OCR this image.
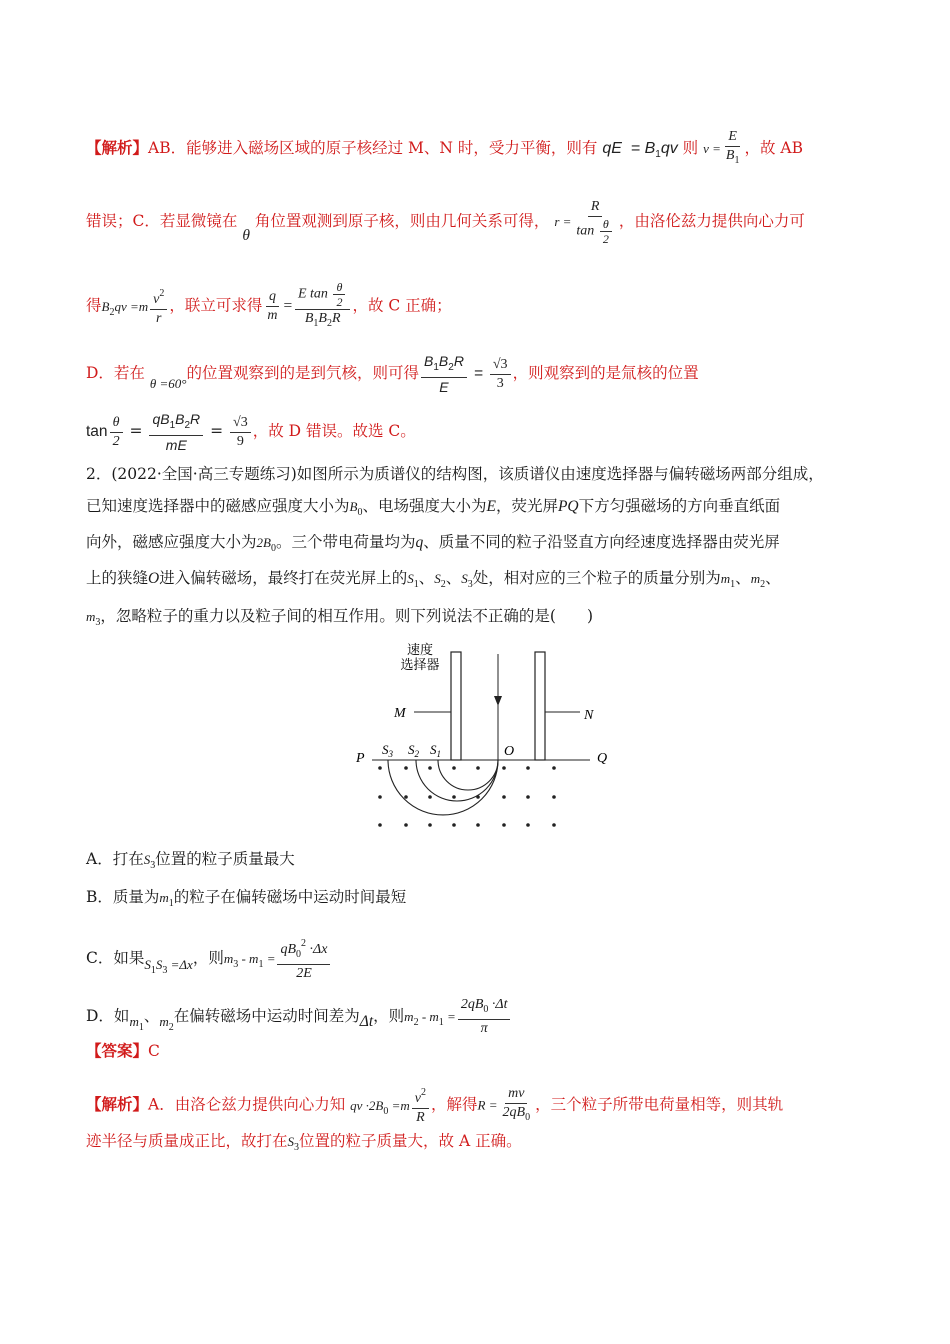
【解析】AB．能够进入磁场区域的原子核经过 M、N 时，受力平衡，则有 qE  = $B_1qv$ 则 $v = \frac{E}{B_1}$ ，故 AB
错误；C．若显微镜在 θ 角位置观测到原子核，则由几何关系可得， $r = \frac{R}{\tan \frac{\theta}{2}}$ ，由洛伦兹力提供向心力可
得$B_2qv =m \frac{v^2}{r}$ ，联立可求得 $\frac{q}{m} = \frac{E \tan \frac{\theta}{2}}{B_1B_2R}$ ，故 C 正确；
D．若在 $_{\theta =60^\circ}$的位置观察到的是到氕核，则可得 $\frac{B_1B_2R}{E} = \frac{√3}{3}$ ，则观察到的是氚核的位置
$\tan \frac{\theta}{2} = \frac{qB_1B_2R}{mE} = \frac{√3}{9}$ ，故 D 错误。故选 C。
2．(2022·全国·高三专题练习)如图所示为质谱仪的结构图，该质谱仪由速度选择器与偏转磁场两部分组成，
已知速度选择器中的磁感应强度大小为$B_0$、电场强度大小为E，荧光屏PQ下方匀强磁场的方向垂直纸面
向外，磁感应强度大小为$2B_0$。三个带电荷量均为q、质量不同的粒子沿竖直方向经速度选择器由荧光屏
上的狭缝O进入偏转磁场，最终打在荧光屏上的$S_1$、$S_2$、$S_3$处，相对应的三个粒子的质量分别为$m_1$、$m_2$、
$m_3$，忽略粒子的重力以及粒子间的相互作用。则下列说法不正确的是(　　)
速度
选择器
M	N
P	Q
O
$S_3$ $S_2$ $S_1$
A．打在$S_3$位置的粒子质量最大
B．质量为$m_1$的粒子在偏转磁场中运动时间最短
C．如果$_{S_1S_3 =\Delta x}$，则$m_3 - m_1 = \frac{qB_0^2 \cdot\Delta x}{2E}$
D．如$_{m_1}$、$_{m_2}$在偏转磁场中运动时间差为Δt，则$m_2 - m_1 = \frac{2qB_0 \cdot\Delta t}{\pi}$
【答案】C
【解析】A．由洛仑兹力提供向心力知 qv $\cdot 2B_0 =m \frac{v^2}{R}$ ，解得$R = \frac{mv}{2qB_0}$ ，三个粒子所带电荷量相等，则其轨
迹半径与质量成正比，故打在$S_3$位置的粒子质量大，故 A 正确。
